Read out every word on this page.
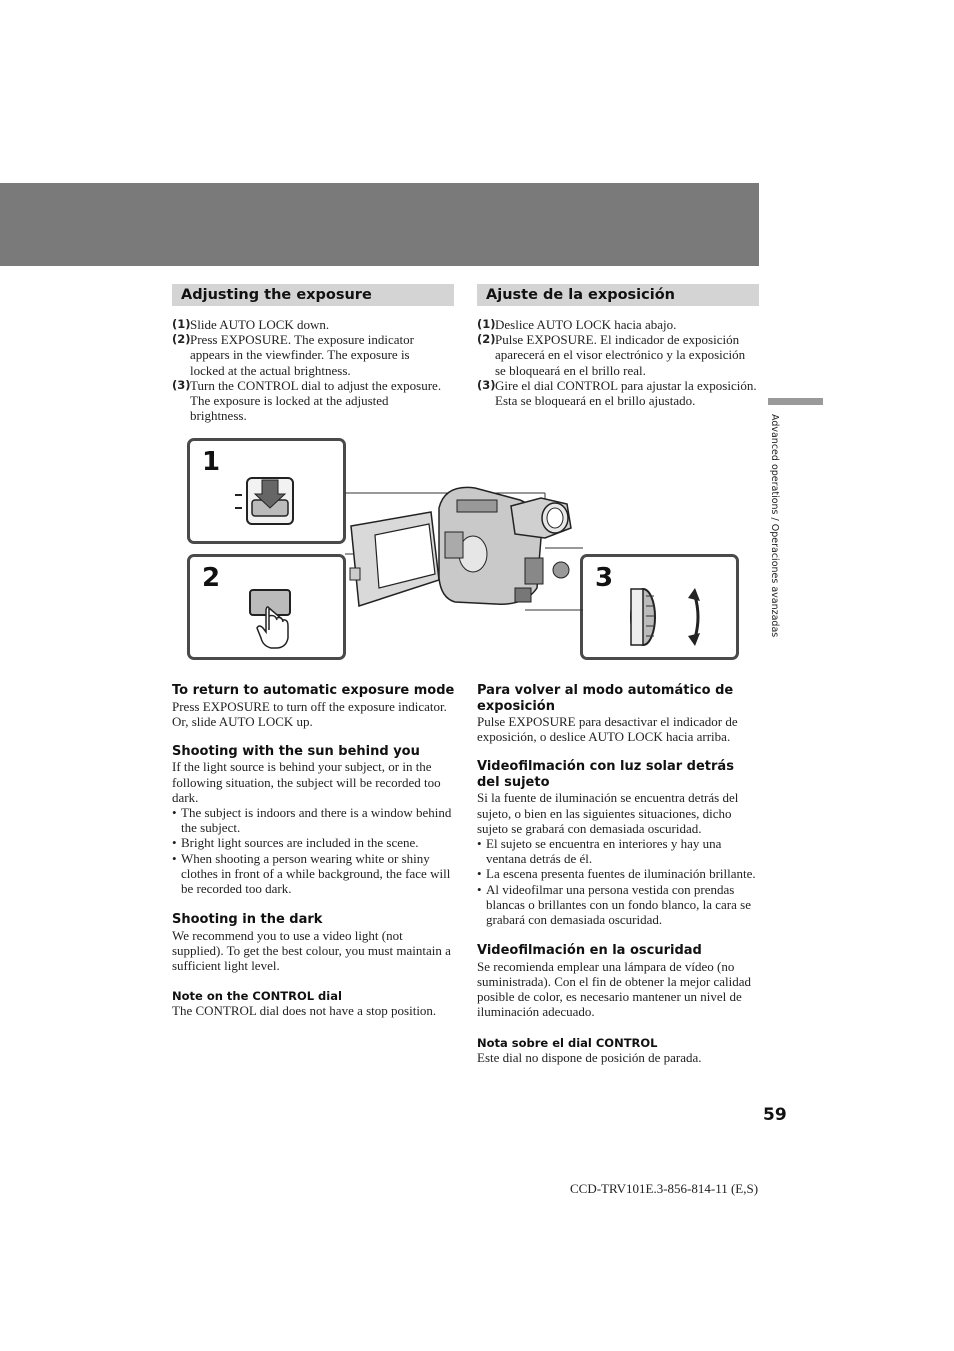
Adjusting the exposure
(1) Slide AUTO LOCK down.
(2) Press EXPOSURE. The exposure indicator appears in the viewfinder. The exposure is locked at the actual brightness.
(3) Turn the CONTROL dial to adjust the exposure. The exposure is locked at the adjusted brightness.
Ajuste de la exposición
(1) Deslice AUTO LOCK hacia abajo.
(2) Pulse EXPOSURE. El indicador de exposición aparecerá en el visor electrónico y la exposición se bloqueará en el brillo real.
(3) Gire el dial CONTROL para ajustar la exposición. Esta se bloqueará en el brillo ajustado.
1
2	3
To return to automatic exposure mode

Press EXPOSURE to turn off the exposure indicator. Or, slide AUTO LOCK up.

Shooting with the sun behind you

If the light source is behind your subject, or in the following situation, the subject will be recorded too dark.

• The subject is indoors and there is a window behind the subject.
• Bright light sources are included in the scene.
• When shooting a person wearing white or shiny clothes in front of a while background, the face will be recorded too dark.
Shooting in the dark

We recommend you to use a video light (not supplied). To get the best colour, you must maintain a sufficient light level.

Note on the CONTROL dial

The CONTROL dial does not have a stop position.

Para volver al modo automático de exposición

Pulse EXPOSURE para desactivar el indicador de exposición, o deslice AUTO LOCK hacia arriba.

Videofilmación con luz solar detrás del sujeto

Si la fuente de iluminación se encuentra detrás del sujeto, o bien en las siguientes situaciones, dicho sujeto se grabará con demasiada oscuridad.

• El sujeto se encuentra en interiores y hay una ventana detrás de él.
• La escena presenta fuentes de iluminación brillante.
• Al videofilmar una persona vestida con prendas blancas o brillantes con un fondo blanco, la cara se grabará con demasiada oscuridad.
Videofilmación en la oscuridad

Se recomienda emplear una lámpara de vídeo (no suministrada). Con el fin de obtener la mejor calidad posible de color, es necesario mantener un nivel de iluminación adecuado.

Nota sobre el dial CONTROL

Este dial no dispone de posición de parada.

Advanced operations / Operaciones avanzadas
59
CCD-TRV101E.3-856-814-11 (E,S)
